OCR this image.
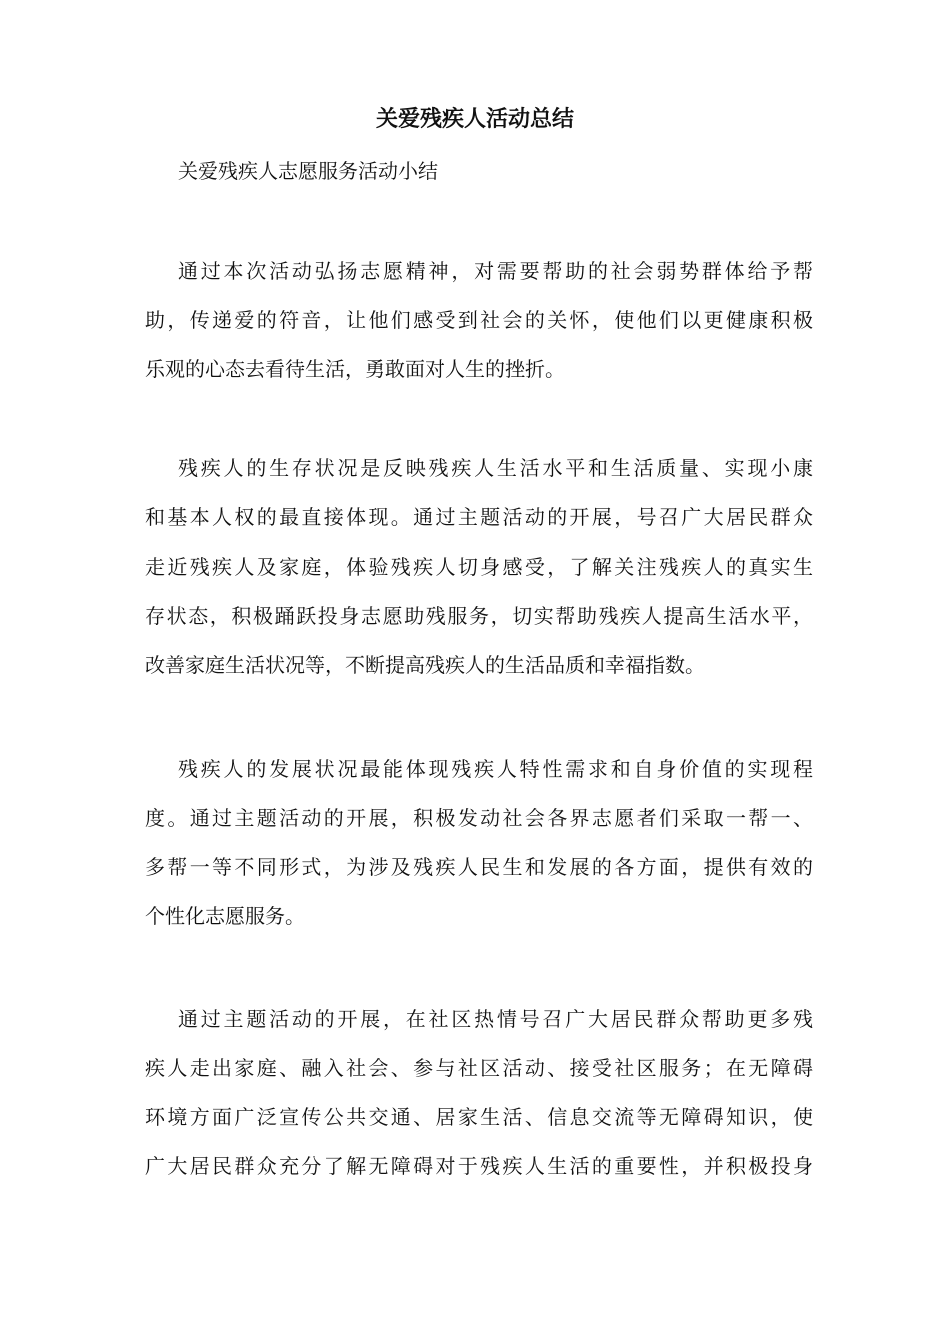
关爱残疾人活动总结
关爱残疾人志愿服务活动小结
通过本次活动弘扬志愿精神，对需要帮助的社会弱势群体给予帮
助，传递爱的符音，让他们感受到社会的关怀，使他们以更健康积极
乐观的心态去看待生活，勇敢面对人生的挫折。
残疾人的生存状况是反映残疾人生活水平和生活质量、实现小康
和基本人权的最直接体现。通过主题活动的开展，号召广大居民群众
走近残疾人及家庭，体验残疾人切身感受，了解关注残疾人的真实生
存状态，积极踊跃投身志愿助残服务，切实帮助残疾人提高生活水平，
改善家庭生活状况等，不断提高残疾人的生活品质和幸福指数。
残疾人的发展状况最能体现残疾人特性需求和自身价值的实现程
度。通过主题活动的开展，积极发动社会各界志愿者们采取一帮一、
多帮一等不同形式，为涉及残疾人民生和发展的各方面，提供有效的
个性化志愿服务。
通过主题活动的开展，在社区热情号召广大居民群众帮助更多残
疾人走出家庭、融入社会、参与社区活动、接受社区服务；在无障碍
环境方面广泛宣传公共交通、居家生活、信息交流等无障碍知识，使
广大居民群众充分了解无障碍对于残疾人生活的重要性，并积极投身
